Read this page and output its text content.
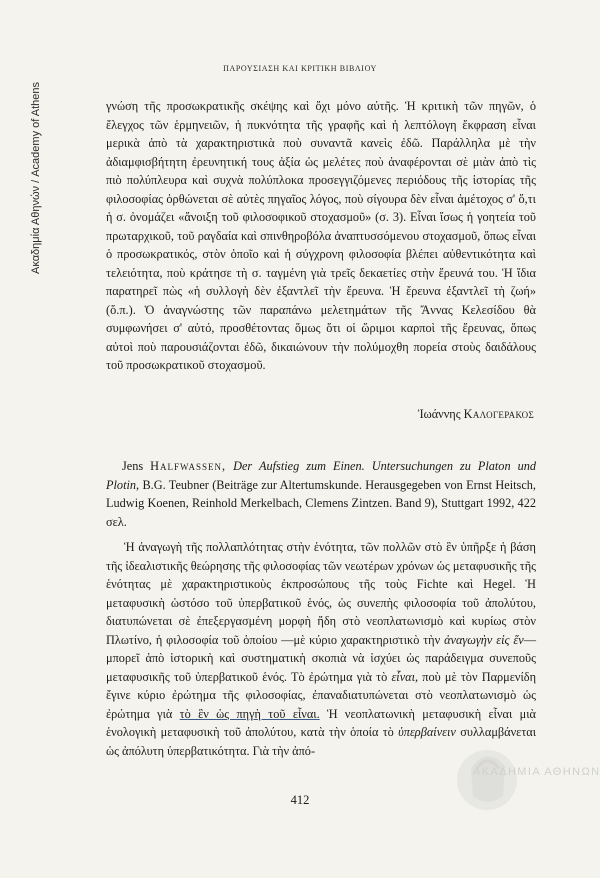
Ακαδημία Αθηνών / Academy of Athens
ΠΑΡΟΥΣΙΑΣΗ ΚΑΙ ΚΡΙΤΙΚΗ ΒΙΒΛΙΟΥ

γνώση τῆς προσωκρατικῆς σκέψης καὶ ὄχι μόνο αὐτῆς. Ἡ κριτικὴ τῶν πηγῶν, ὁ ἔλεγχος τῶν ἑρμηνειῶν, ἡ πυκνότητα τῆς γραφῆς καὶ ἡ λεπτόλογη ἔκφραση εἶναι μερικὰ ἀπὸ τὰ χαρακτηριστικὰ ποὺ συναντᾶ κανεὶς ἐδῶ. Παράλληλα μὲ τὴν ἀδιαμφισβήτητη ἐρευνητική τους ἀξία ὡς μελέτες ποὺ ἀναφέρονται σὲ μιὰν ἀπὸ τὶς πιὸ πολύπλευρα καὶ συχνὰ πολύπλοκα προσεγγιζόμενες περιόδους τῆς ἱστορίας τῆς φιλοσοφίας ὀρθώνεται σὲ αὐτὲς πηγαῖος λόγος, ποὺ σίγουρα δὲν εἶναι ἀμέτοχος σ' ὅ,τι ἡ σ. ὀνομάζει «ἄνοιξη τοῦ φιλοσοφικοῦ στοχασμοῦ» (σ. 3). Εἶναι ἴσως ἡ γοητεία τοῦ πρωταρχικοῦ, τοῦ ραγδαία καὶ σπινθηροβόλα ἀναπτυσσόμενου στοχασμοῦ, ὅπως εἶναι ὁ προσωκρατικός, στὸν ὁποῖο καὶ ἡ σύγχρονη φιλοσοφία βλέπει αὐθεντικότητα καὶ τελειότητα, ποὺ κράτησε τὴ σ. ταγμένη γιὰ τρεῖς δεκαετίες στὴν ἔρευνά του. Ἡ ἴδια παρατηρεῖ πὼς «ἡ συλλογὴ δὲν ἐξαντλεῖ τὴν ἔρευνα. Ἡ ἔρευνα ἐξαντλεῖ τὴ ζωή» (ὅ.π.). Ὁ ἀναγνώστης τῶν παραπάνω μελετημάτων τῆς Ἄννας Κελεσίδου θὰ συμφωνήσει σ' αὐτό, προσθέτοντας ὅμως ὅτι οἱ ὥριμοι καρποὶ τῆς ἔρευνας, ὅπως αὐτοὶ ποὺ παρουσιάζονται ἐδῶ, δικαιώνουν τὴν πολύμοχθη πορεία στοὺς δαιδάλους τοῦ προσωκρατικοῦ στοχασμοῦ.

Ἰωάννης Καλογερακος

Jens Halfwassen, Der Aufstieg zum Einen. Untersuchungen zu Platon und Plotin, B.G. Teubner (Beiträge zur Altertumskunde. Herausgegeben von Ernst Heitsch, Ludwig Koenen, Reinhold Merkelbach, Clemens Zintzen. Band 9), Stuttgart 1992, 422 σελ.

Ἡ ἀναγωγὴ τῆς πολλαπλότητας στὴν ἑνότητα, τῶν πολλῶν στὸ ἓν ὑπῆρξε ἡ βάση τῆς ἰδεαλιστικῆς θεώρησης τῆς φιλοσοφίας τῶν νεωτέρων χρόνων ὡς μεταφυσικῆς τῆς ἑνότητας μὲ χαρακτηριστικοὺς ἐκπροσώπους τῆς τοὺς Fichte καὶ Hegel. Ἡ μεταφυσικὴ ὡστόσο τοῦ ὑπερβατικοῦ ἑνός, ὡς συνεπὴς φιλοσοφία τοῦ ἀπολύτου, διατυπώνεται σὲ ἐπεξεργασμένη μορφὴ ἤδη στὸ νεοπλατωνισμὸ καὶ κυρίως στὸν Πλωτίνο, ἡ φιλοσοφία τοῦ ὁποίου —μὲ κύριο χαρακτηριστικὸ τὴν ἀναγωγὴν εἰς ἕν— μπορεῖ ἀπὸ ἱστορικὴ καὶ συστηματικὴ σκοπιὰ νὰ ἰσχύει ὡς παράδειγμα συνεποῦς μεταφυσικῆς τοῦ ὑπερβατικοῦ ἑνός. Τὸ ἐρώτημα γιὰ τὸ εἶναι, ποὺ μὲ τὸν Παρμενίδη ἔγινε κύριο ἐρώτημα τῆς φιλοσοφίας, ἐπαναδιατυπώνεται στὸ νεοπλατωνισμὸ ὡς ἐρώτημα γιὰ τὸ ἓν ὡς πηγὴ τοῦ εἶναι. Ἡ νεοπλατωνικὴ μεταφυσικὴ εἶναι μιὰ ἑνολογικὴ μεταφυσικὴ τοῦ ἀπολύτου, κατὰ τὴν ὁποία τὸ ὑπερβαίνειν συλλαμβάνεται ὡς ἀπόλυτη ὑπερβατικότητα. Γιὰ τὴν ἀπό-

412
ΑΚΑΔΗΜΙΑ ΑΘΗΝΩΝ
